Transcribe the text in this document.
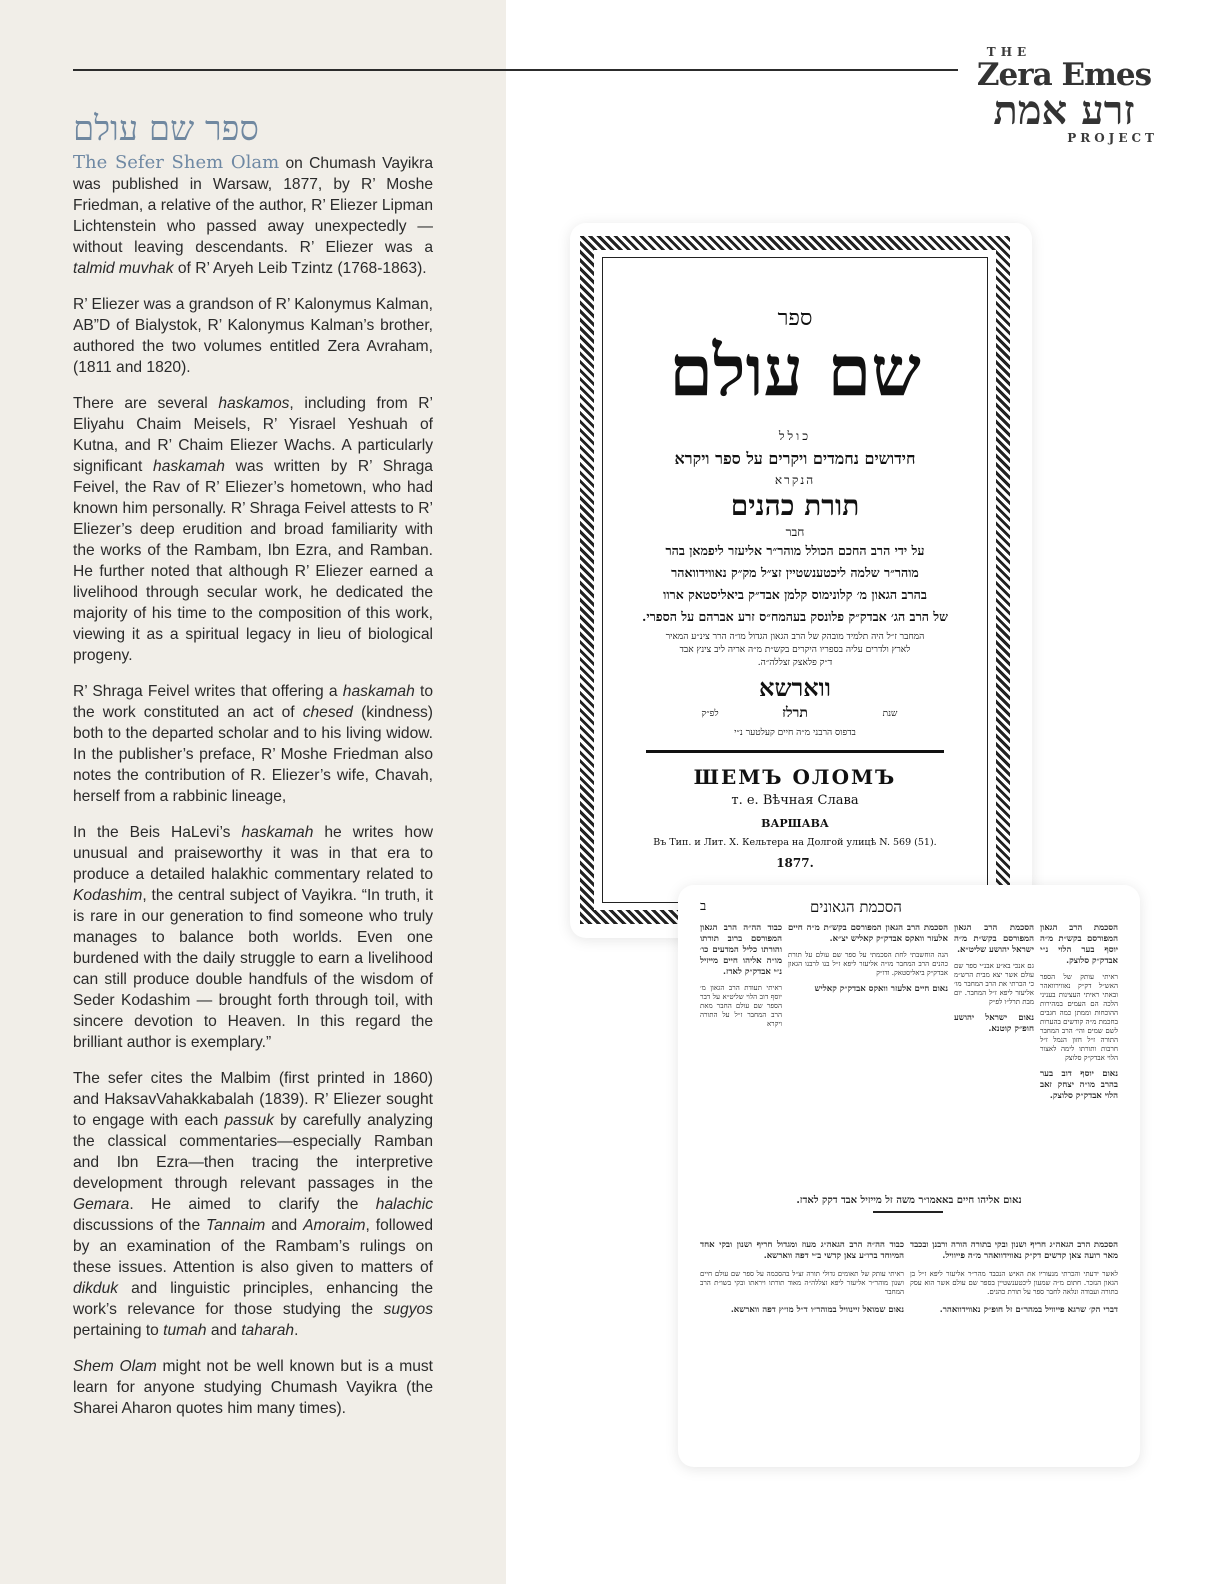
THE
Zera Emes
זרע אמת
PROJECT
ספר שם עולם

The Sefer Shem Olam on Chumash Vayikra was published in Warsaw, 1877, by R’ Moshe Friedman, a relative of the author, R’ Eliezer Lipman Lichtenstein who passed away unexpectedly — without leaving descendants. R’ Eliezer was a talmid muvhak of R’ Aryeh Leib Tzintz (1768-1863).

R’ Eliezer was a grandson of R’ Kalonymus Kalman, AB”D of Bialystok, R’ Kalonymus Kalman’s brother, authored the two volumes entitled Zera Avraham, (1811 and 1820).

There are several haskamos, including from R’ Eliyahu Chaim Meisels, R’ Yisrael Yeshuah of Kutna, and R’ Chaim Eliezer Wachs. A particularly significant haskamah was written by R’ Shraga Feivel, the Rav of R’ Eliezer’s hometown, who had known him personally. R’ Shraga Feivel attests to R’ Eliezer’s deep erudition and broad familiarity with the works of the Rambam, Ibn Ezra, and Ramban. He further noted that although R’ Eliezer earned a livelihood through secular work, he dedicated the majority of his time to the composition of this work, viewing it as a spiritual legacy in lieu of biological progeny.

R’ Shraga Feivel writes that offering a haskamah to the work constituted an act of chesed (kindness) both to the departed scholar and to his living widow. In the publisher’s preface, R’ Moshe Friedman also notes the contribution of R. Eliezer’s wife, Chavah, herself from a rabbinic lineage,

In the Beis HaLevi’s haskamah he writes how unusual and praiseworthy it was in that era to produce a detailed halakhic commentary related to Kodashim, the central subject of Vayikra. “In truth, it is rare in our generation to find someone who truly manages to balance both worlds. Even one burdened with the daily struggle to earn a livelihood can still produce double handfuls of the wisdom of Seder Kodashim — brought forth through toil, with sincere devotion to Heaven. In this regard the brilliant author is exemplary.”

The sefer cites the Malbim (first printed in 1860) and HaksavVahakkabalah (1839). R’ Eliezer sought to engage with each passuk by carefully analyzing the classical commentaries—especially Ramban and Ibn Ezra—then tracing the interpretive development through relevant passages in the Gemara. He aimed to clarify the halachic discussions of the Tannaim and Amoraim, followed by an examination of the Rambam’s rulings on these issues. Attention is also given to matters of dikduk and linguistic principles, enhancing the work’s relevance for those studying the sugyos pertaining to tumah and taharah.

Shem Olam might not be well known but is a must learn for anyone studying Chumash Vayikra (the Sharei Aharon quotes him many times).

ספר
שם עולם
כולל
חידושים נחמדים ויקרים על ספר ויקרא
הנקרא
תורת כהנים
חבר
על ידי הרב החכם הכולל מוהר״ר אליעזר ליפמאן בהר
מוהר״ר שלמה ליכטענשטיין זצ״ל מק״ק נאווידוואהר
בהרב הגאון מ׳ קלונימוס קלמן אבד״ק ביאליסטאק ארוו
של הרב הג׳ אבדק״ק פלונסק בעהמח״ס זרע אברהם על הספרי.
המחבר ז״ל היה תלמיד מובהק של הרב הגאון הגדול מו״ה הרר צינ״ע המאיר
לארץ ולדרים עליה בספריו היקרים בקש״ת מ״ה אריה ליב צינץ אבד
ד״ק פלאצק זצללה״ה.
ווארשא
תרלז
לפ״ק	שנת
בדפוס הרבני מ״ה חיים קעלטער נ״י
ШЕМЪ ОЛОМЪ
т. е. Вѣчная Слава
ВАРШАВА
Въ Тип. и Лит. Х. Кельтера на Долгой улицѣ N. 569 (51).
1877.
הסכמת הגאונים
ב
הסכמת הרב הגאון המפורסם בקש״ת מ״ה יוסף בער הלוי נ״י אבדק״ק סלוצק.
ראיתי עותק של הספר האש״ל דק״ק נאווירוואהר ובאתי ראיתי העצינות בעניני הלכה הם העמים במהירות ההוכחות וממתן כמה חגבים בחכמת מ״ה קודשים בהערות לשם שמים והי׳ הרב המחבר התורה ז״ל חזון הנמל ז״ל חרבות ותורתו לימה לאצור הלוי אבדק״ק סלוצק
נאום יוסף דוב בער בהרב מו״ה יצחק זאב הלוי אבדק״ק סלוצק.
הסכמת הרב הגאון המפורסם בקש״ת מ״ה ישראל יהושע שליט״א.
גם אנכי בא״ע אבנ״י ספר שם עולם אשר יצא מבית הרש״מ כי הכרתי את הרב המחבר מו׳ אליעזר ליפא ז״ל המחבר. יום מבת תרל״ו לפ״ק
נאום ישראל יהושע חופ״ק קוטנא.
הסכמת הרב הגאון המפורסם בקש״ת מ״ה חיים אלעזר וואקס אבדק״ק קאליש יצ״א.
הנה הוחשבתי לחת הסכמתי על ספר שם עולם על תורת כהנים הרב המחבר מו״ה אליעזר ליפא ז״ל בנו לרבנו הגאון אבדק״ק ביאליסטאק. ודו״ק
נאום חיים אלעזר וואקס אבדק״ק קאליש
כבוד הה״ה הרב הגאון המפורסם ברוב תורתו והורתו כליל המדעים כו׳ מו״ה אליהו חיים מייזיל נ״י אבדק״ק לאדז.
ראיתי תעודת הרב הגאון מ׳ יוסף דוב הלוי שליט״א על דבר הספר שם עולם החבר מאת הרב המחבר ז״ל על התורה ויקרא
נאום אליהו חיים באאמו״ר משה זל מייזיל אבד דקק לאדז.
הסכמת הרב הגאה״ג חריף ושנון ובקי בתורה הורה ורבנן ובכבד מאר רועה צאן קדשים דק״ק נאווידוואהר מ״ה פייוויל.
לאשר ידעתי והכרתי מנעוריו את האיש הנכבד מהר״ר אליעזר ליפא ז״ל בן הגאון הנזכר. חתום מ״ה שמעון ליכטענשטיין בספר שם עולם אשר הוא עסק בתורה ועבודה ונלאה לחבר ספר על תורת כהנים.
דברי הק׳ שרגא פייוויל במהר״ם זל חופ״ק נאווידוואהר.
כבוד הה״ה הרב הגאה״ג מעוז ומגדול חריף ושנון ובקי אחד המיוחד ברו״ע צאן קדשי ב״י דפה ווארשא.
ראיתי עותק של תאומים גדולי תורה זצ״ל בהסכמה על ספר שם עולם חיים ושנון מוהר״ר אליעזר ליפא זצללה״ה מאוד תורתו ויראתו ובקי בשו״ת הרב המחבר
נאום שמואל זיינוויל במוהר״ו ד״ל מו״ץ דפה ווארשא.
